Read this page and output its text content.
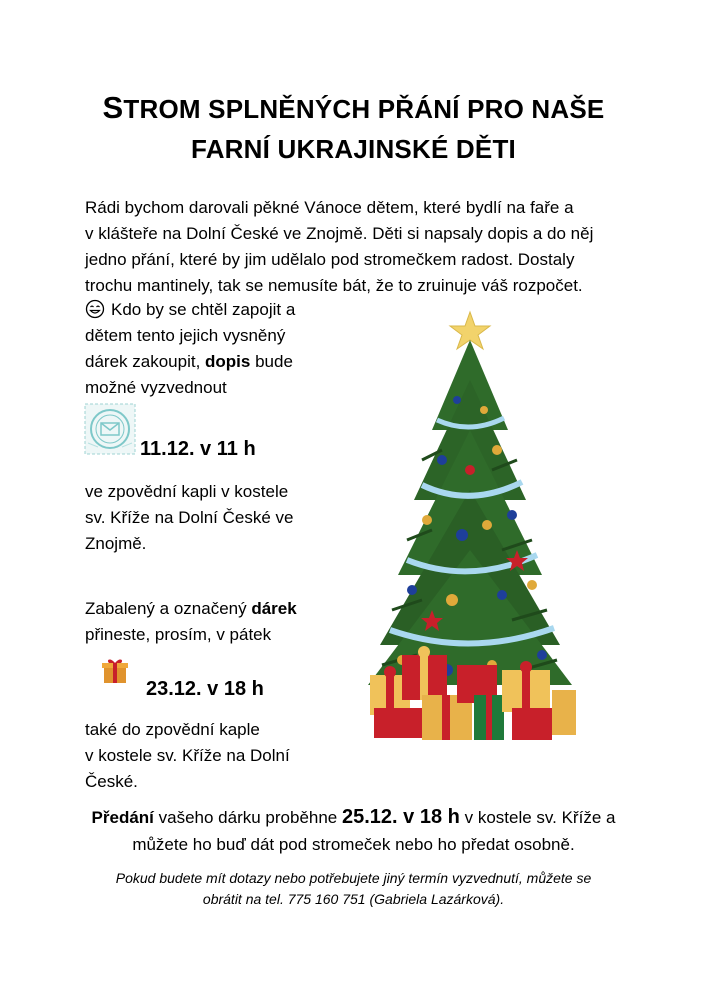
STROM SPLNĚNÝCH PŘÁNÍ PRO NAŠE
FARNÍ UKRAJINSKÉ DĚTI

Rádi bychom darovali pěkné Vánoce dětem, které bydlí na faře a

v klášteře na Dolní České ve Znojmě. Děti si napsaly dopis a do něj

jedno přání, které by jim udělalo pod stromečkem radost. Dostaly

trochu mantinely, tak se nemusíte bát, že to zruinuje váš rozpočet.

Kdo by se chtěl zapojit a

dětem tento jejich vysněný

dárek zakoupit, dopis bude

možné vyzvednout

11.12. v 11 h

ve zpovědní kapli v kostele

sv. Kříže na Dolní České ve

Znojmě.

Zabalený a označený dárek

přineste, prosím, v pátek

23.12. v 18 h

také do zpovědní kaple

v kostele sv. Kříže na Dolní

České.

Předání vašeho dárku proběhne 25.12. v 18 h v kostele sv. Kříže a
můžete ho buď dát pod stromeček nebo ho předat osobně.
Pokud budete mít dotazy nebo potřebujete jiný termín vyzvednutí, můžete se
obrátit na tel. 775 160 751 (Gabriela Lazárková).
